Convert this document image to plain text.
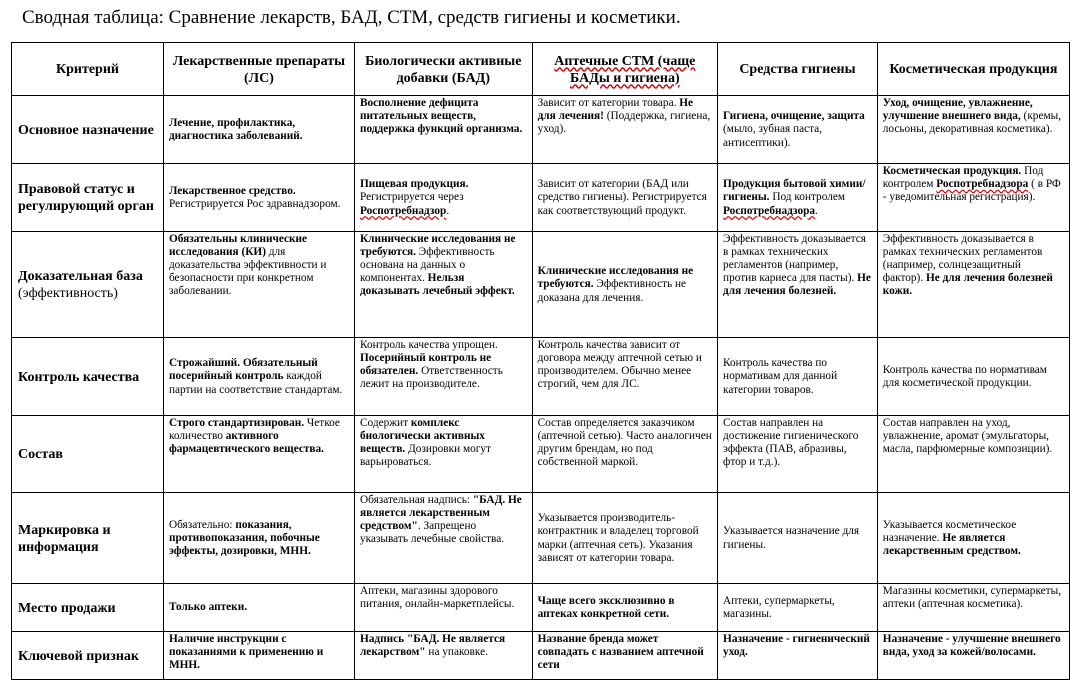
Сводная таблица: Сравнение лекарств, БАД, СТМ, средств гигиены и косметики.
Критерий	Лекарственные препараты (ЛС)	Биологически активные добавки (БАД)	Аптечные СТМ (чаще БАДы и гигиена)	Средства гигиены	Косметическая продукция
Основное назначение	Лечение, профилактика, диагностика заболеваний.	Восполнение дефицита питательных веществ, поддержка функций организма.	Зависит от категории товара. Не для лечения! (Поддержка, гигиена, уход).	Гигиена, очищение, защита (мыло, зубная паста, антисептики).	Уход, очищение, увлажнение, улучшение внешнего вида, (кремы, лосьоны, декоративная косметика).
Правовой статус и регулирующий орган	Лекарственное средство. Регистрируется Рос здравнадзором.	Пищевая продукция. Регистрируется через Роспотребнадзор.	Зависит от категории (БАД или средство гигиены). Регистрируется как соответствующий продукт.	Продукция бытовой химии/гигиены. Под контролем Роспотребнадзора.	Косметическая продукция. Под контролем Роспотребнадзора ( в РФ - уведомительная регистрация).
Доказательная база
(эффективность)	Обязательны клинические исследования (КИ) для доказательства эффективности и безопасности при конкретном заболевании.	Клинические исследования не требуются. Эффективность основана на данных о компонентах. Нельзя доказывать лечебный эффект.	Клинические исследования не требуются. Эффективность не доказана для лечения.	Эффективность доказывается в рамках технических регламентов (например, против кариеса для пасты). Не для лечения болезней.	Эффективность доказывается в рамках технических регламентов (например, солнцезащитный фактор). Не для лечения болезней кожи.
Контроль качества	Строжайший. Обязательный посерийный контроль каждой партии на соответствие стандартам.	Контроль качества упрощен. Посерийный контроль не обязателен. Ответственность лежит на производителе.	Контроль качества зависит от договора между аптечной сетью и производителем. Обычно менее строгий, чем для ЛС.	Контроль качества по нормативам для данной категории товаров.	Контроль качества по нормативам для косметической продукции.
Состав	Строго стандартизирован. Четкое количество активного фармацевтического вещества.	Содержит комплекс биологически активных веществ. Дозировки могут варьироваться.	Состав определяется заказчиком (аптечной сетью). Часто аналогичен другим брендам, но под собственной маркой.	Состав направлен на достижение гигиенического эффекта (ПАВ, абразивы, фтор и т.д.).	Состав направлен на уход, увлажнение, аромат (эмульгаторы, масла, парфюмерные композиции).
Маркировка и информация	Обязательно: показания, противопоказания, побочные эффекты, дозировки, МНН.	Обязательная надпись: "БАД. Не является лекарственным средством". Запрещено указывать лечебные свойства.	Указывается производитель-контрактник и владелец торговой марки (аптечная сеть). Указания зависят от категории товара.	Указывается назначение для гигиены.	Указывается косметическое назначение. Не является лекарственным средством.
Место продажи	Только аптеки.	Аптеки, магазины здорового питания, онлайн-маркетплейсы.	Чаще всего эксклюзивно в аптеках конкретной сети.	Аптеки, супермаркеты, магазины.	Магазины косметики, супермаркеты, аптеки (аптечная косметика).
Ключевой признак	Наличие инструкции с показаниями к применению и МНН.	Надпись "БАД. Не является лекарством" на упаковке.	Название бренда может совпадать с названием аптечной сети	Назначение - гигиенический уход.	Назначение - улучшение внешнего вида, уход за кожей/волосами.
